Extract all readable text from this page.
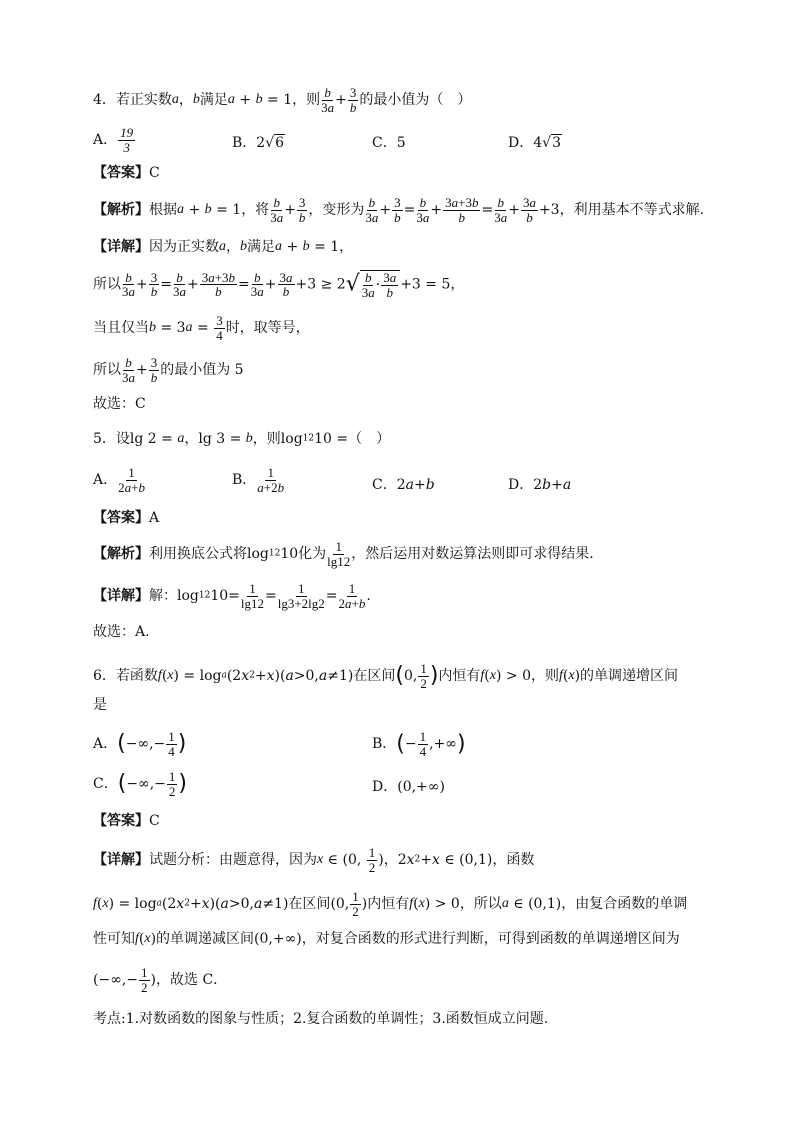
4．若正实数a，b满足a + b = 1，则 $\frac{b}{3a} + \frac{3}{b}$ 的最小值为（　）
A． $\frac{19}{3}$	B．2√6	C．5	D．4√3
【答案】C
【解析】根据a + b = 1，将 $\frac{b}{3a} + \frac{3}{b}$ ，变形为 $\frac{b}{3a} + \frac{3}{b} = \frac{b}{3a} + \frac{3a+3b}{b} = \frac{b}{3a} + \frac{3a}{b} +3$，利用基本不等式求解.
【详解】因为正实数a，b满足a + b = 1，
所以 $\frac{b}{3a} + \frac{3}{b} = \frac{b}{3a} + \frac{3a+3b}{b} = \frac{b}{3a} + \frac{3a}{b} +3 \ge 2√ \frac{b}{3a} \cdot \frac{3a}{b} +3 = 5$，
当且仅当$b = 3a = \frac{3}{4}$ 时，取等号，
所以 $\frac{b}{3a} + \frac{3}{b}$ 的最小值为 5
故选：C
5．设lg 2 = a，lg 3 = b，则log1210 =（　）
A． $\frac{1}{2a+b}$	B． $\frac{1}{a+2b}$	C．2a+b	D．2b+a
【答案】A
【解析】利用换底公式将log1210化为 $\frac{1}{\lg 12}$ ，然后运用对数运算法则即可求得结果.
【详解】解：$\log 1210= \frac{1}{\lg 12} = \frac{1}{\lg 3+2\lg 2} = \frac{1}{2a+b}$ .
故选：A.
6．若函数f(x) = loga(2x2+x)(a>0,a≠1)在区间(0, $\frac{1}{2}$ )内恒有f(x) > 0，则f(x)的单调递增区间
是
A．(−∞,− $\frac{1}{4}$ )	B．(− $\frac{1}{4}$ ,+∞)
C．(−∞,− $\frac{1}{2}$ )	D．(0,+∞)
【答案】C
【详解】试题分析：由题意得，因为x ∈ (0, $\frac{1}{2}$ )，2x2+x ∈ (0,1)，函数
f(x) = loga(2x2+x)(a>0,a≠1)在区间(0, $\frac{1}{2}$ )内恒有f(x) > 0，所以a ∈ (0,1)，由复合函数的单调
性可知f(x)的单调递减区间(0,+∞)，对复合函数的形式进行判断，可得到函数的单调递增区间为
(−∞,− $\frac{1}{2}$ )，故选 C．
考点:1.对数函数的图象与性质；2.复合函数的单调性；3.函数恒成立问题.
